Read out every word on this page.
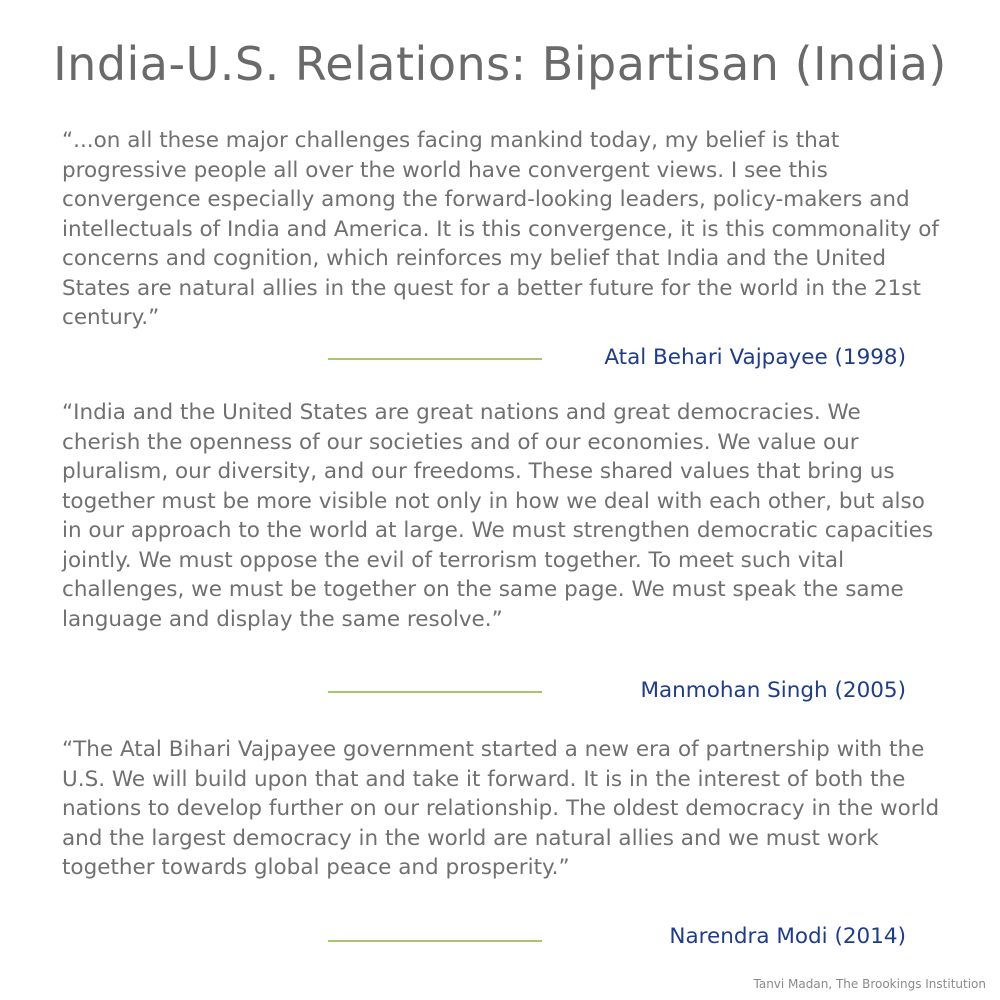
India-U.S. Relations: Bipartisan (India)

“...on all these major challenges facing mankind today, my belief is that progressive people all over the world have convergent views. I see this convergence especially among the forward-looking leaders, policy-makers and intellectuals of India and America. It is this convergence, it is this commonality of concerns and cognition, which reinforces my belief that India and the United States are natural allies in the quest for a better future for the world in the 21st century.”

Atal Behari Vajpayee (1998)

“India and the United States are great nations and great democracies. We cherish the openness of our societies and of our economies. We value our pluralism, our diversity, and our freedoms. These shared values that bring us together must be more visible not only in how we deal with each other, but also in our approach to the world at large. We must strengthen democratic capacities jointly. We must oppose the evil of terrorism together. To meet such vital challenges, we must be together on the same page. We must speak the same language and display the same resolve.”

Manmohan Singh (2005)

“The Atal Bihari Vajpayee government started a new era of partnership with the U.S. We will build upon that and take it forward. It is in the interest of both the nations to develop further on our relationship. The oldest democracy in the world and the largest democracy in the world are natural allies and we must work together towards global peace and prosperity.”

Narendra Modi (2014)
Tanvi Madan, The Brookings Institution
